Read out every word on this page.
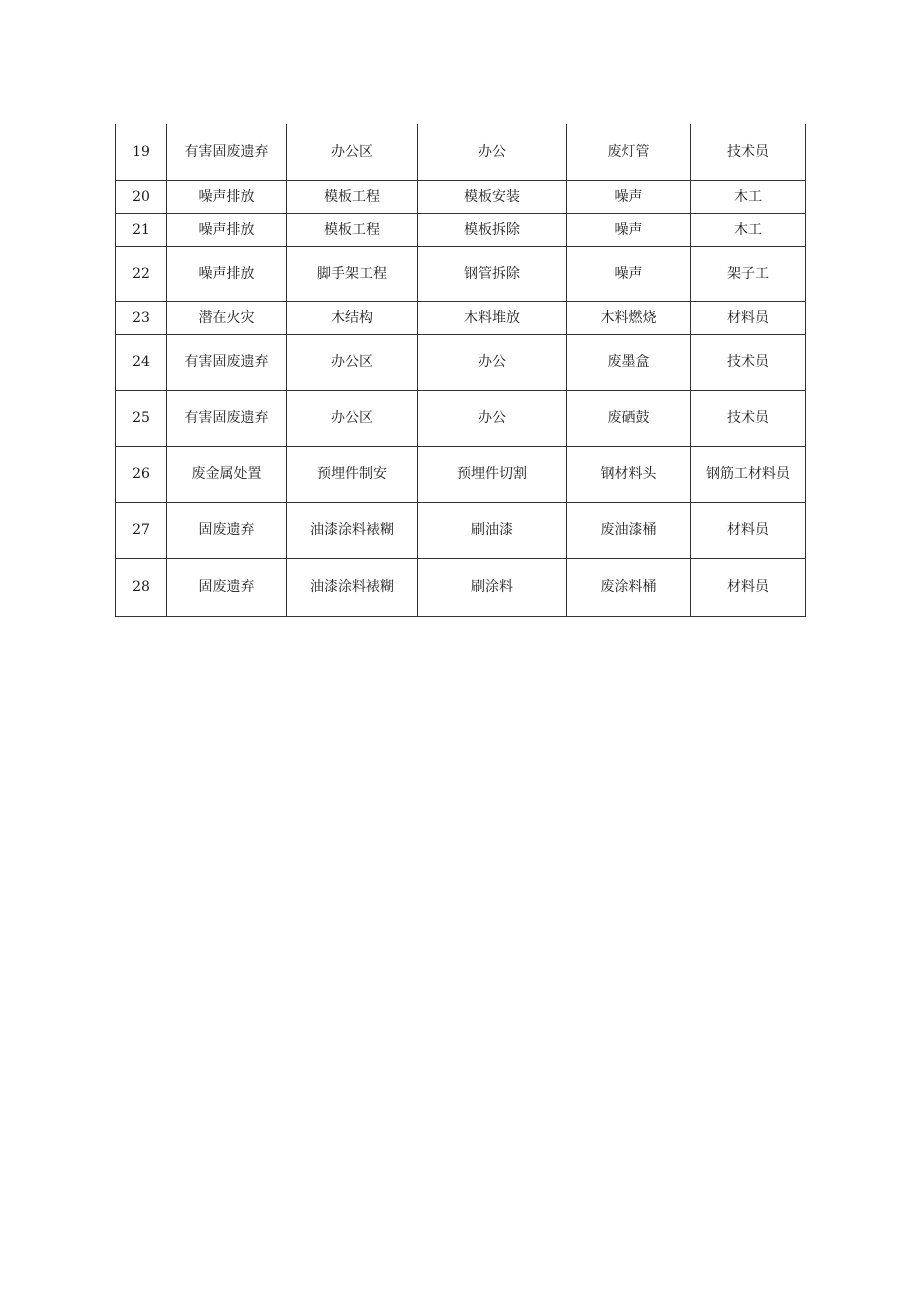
19	有害固废遗弃	办公区	办公	废灯管	技术员
20	噪声排放	模板工程	模板安装	噪声	木工
21	噪声排放	模板工程	模板拆除	噪声	木工
22	噪声排放	脚手架工程	钢管拆除	噪声	架子工
23	潜在火灾	木结构	木料堆放	木料燃烧	材料员
24	有害固废遗弃	办公区	办公	废墨盒	技术员
25	有害固废遗弃	办公区	办公	废硒鼓	技术员
26	废金属处置	预埋件制安	预埋件切割	钢材料头	钢筋工材料员
27	固废遗弃	油漆涂料裱糊	刷油漆	废油漆桶	材料员
28	固废遗弃	油漆涂料裱糊	刷涂料	废涂料桶	材料员
